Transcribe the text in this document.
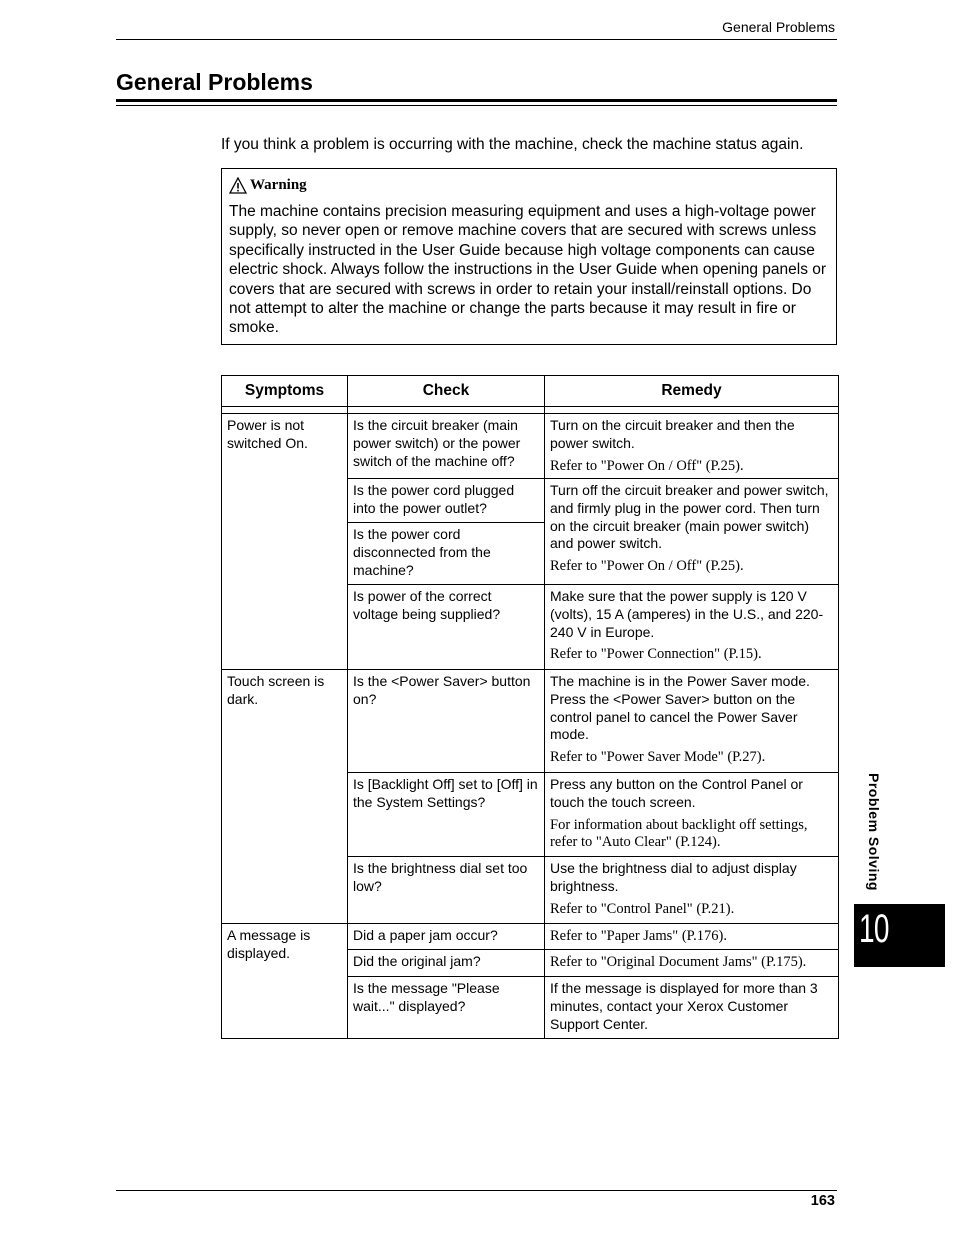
General Problems
General Problems
If you think a problem is occurring with the machine, check the machine status again.
Warning
The machine contains precision measuring equipment and uses a high-voltage power supply, so never open or remove machine covers that are secured with screws unless specifically instructed in the User Guide because high voltage components can cause electric shock. Always follow the instructions in the User Guide when opening panels or covers that are secured with screws in order to retain your install/reinstall options. Do not attempt to alter the machine or change the parts because it may result in fire or smoke.
Symptoms	Check	Remedy

Power is not switched On.	Is the circuit breaker (main power switch) or the power switch of the machine off?	Turn on the circuit breaker and then the power switch.
Refer to "Power On / Off" (P.25).

	Is the power cord plugged into the power outlet?	Turn off the circuit breaker and power switch, and firmly plug in the power cord. Then turn on the circuit breaker (main power switch) and power switch.
Refer to "Power On / Off" (P.25).

	Is the power cord disconnected from the machine?	
	Is power of the correct voltage being supplied?	Make sure that the power supply is 120 V (volts), 15 A (amperes) in the U.S., and 220-240 V in Europe.
Refer to "Power Connection" (P.15).

Touch screen is dark.	Is the <Power Saver> button on?	The machine is in the Power Saver mode. Press the <Power Saver> button on the control panel to cancel the Power Saver mode.
Refer to "Power Saver Mode" (P.27).

	Is [Backlight Off] set to [Off] in the System Settings?	Press any button on the Control Panel or touch the touch screen.
For information about backlight off settings, refer to "Auto Clear" (P.124).

	Is the brightness dial set too low?	Use the brightness dial to adjust display brightness.
Refer to "Control Panel" (P.21).

A message is displayed.	Did a paper jam occur?	Refer to "Paper Jams" (P.176).
	Did the original jam?	Refer to "Original Document Jams" (P.175).
	Is the message "Please wait..." displayed?	If the message is displayed for more than 3 minutes, contact your Xerox Customer Support Center.
Problem Solving
10
163
